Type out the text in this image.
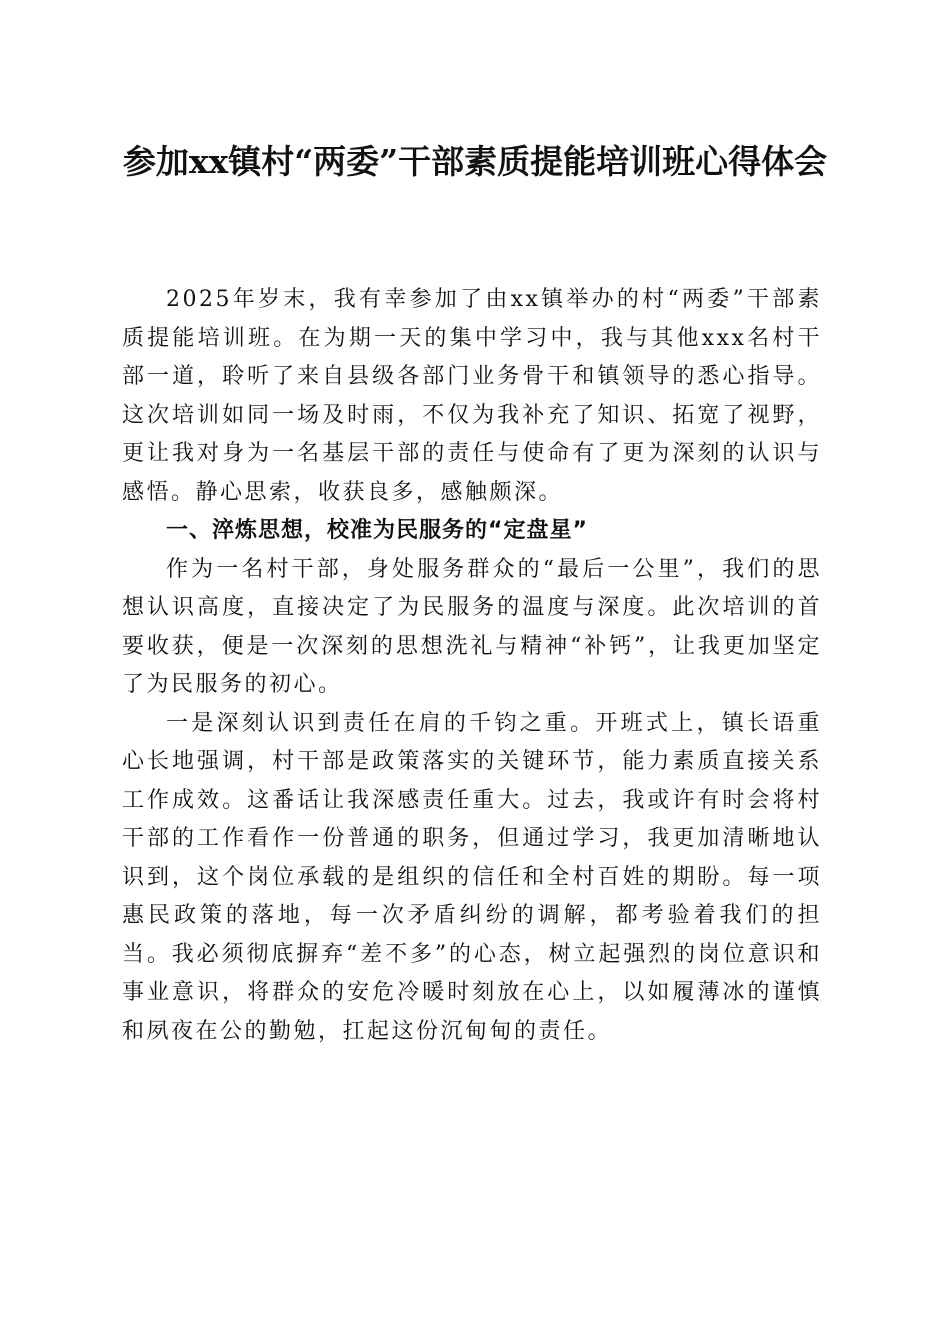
参加xx镇村“两委”干部素质提能培训班心得体会

2025年岁末，我有幸参加了由xx镇举办的村“两委”干部素质提能培训班。在为期一天的集中学习中，我与其他xxx名村干部一道，聆听了来自县级各部门业务骨干和镇领导的悉心指导。这次培训如同一场及时雨，不仅为我补充了知识、拓宽了视野，更让我对身为一名基层干部的责任与使命有了更为深刻的认识与感悟。静心思索，收获良多，感触颇深。

一、淬炼思想，校准为民服务的“定盘星”

作为一名村干部，身处服务群众的“最后一公里”，我们的思想认识高度，直接决定了为民服务的温度与深度。此次培训的首要收获，便是一次深刻的思想洗礼与精神“补钙”，让我更加坚定了为民服务的初心。

一是深刻认识到责任在肩的千钧之重。开班式上，镇长语重心长地强调，村干部是政策落实的关键环节，能力素质直接关系工作成效。这番话让我深感责任重大。过去，我或许有时会将村干部的工作看作一份普通的职务，但通过学习，我更加清晰地认识到，这个岗位承载的是组织的信任和全村百姓的期盼。每一项惠民政策的落地，每一次矛盾纠纷的调解，都考验着我们的担当。我必须彻底摒弃“差不多”的心态，树立起强烈的岗位意识和事业意识，将群众的安危冷暖时刻放在心上，以如履薄冰的谨慎和夙夜在公的勤勉，扛起这份沉甸甸的责任。
